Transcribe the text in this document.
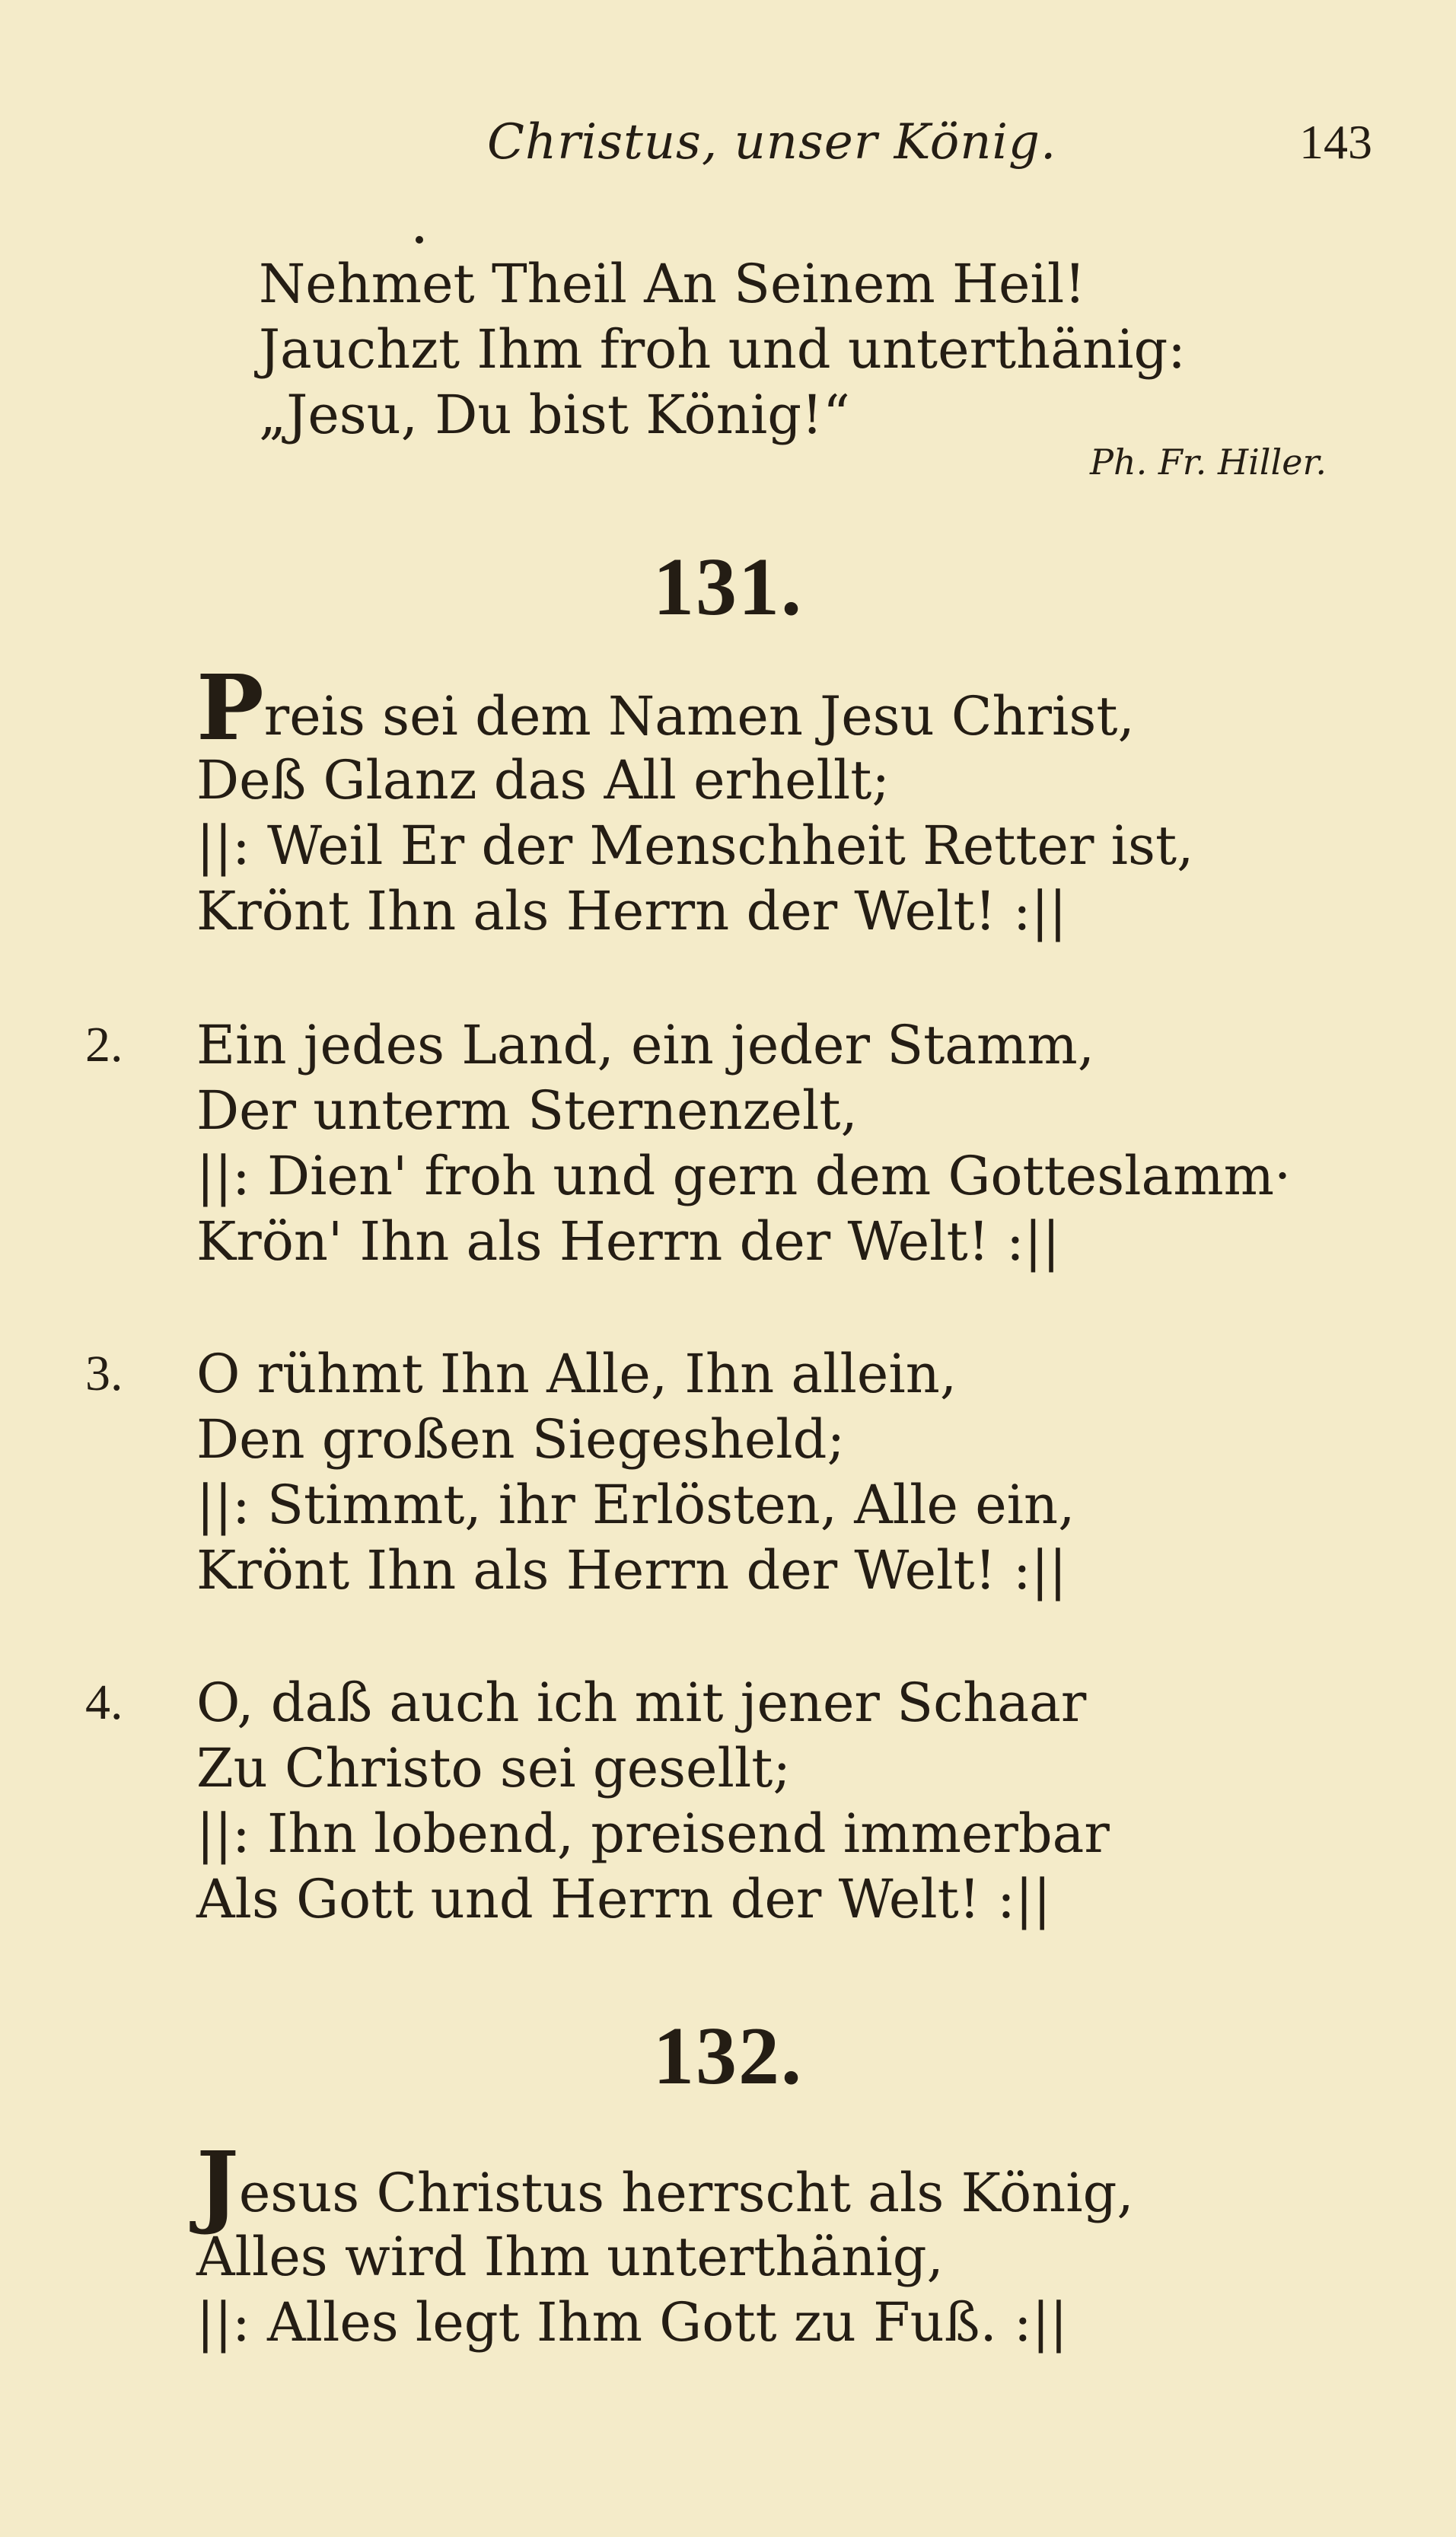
Christus, unser König.	143
Nehmet Theil An Seinem Heil!
Jauchzt Ihm froh und unterthänig:
„Jesu, Du bist König!“
Ph. Fr. Hiller.
131.
Preis sei dem Namen Jesu Christ,
Deß Glanz das All erhellt;
||: Weil Er der Menschheit Retter ist,
Krönt Ihn als Herrn der Welt! :||
2. Ein jedes Land, ein jeder Stamm,
Der unterm Sternenzelt,
||: Dien' froh und gern dem Gotteslamm·
Krön' Ihn als Herrn der Welt! :||
3. O rühmt Ihn Alle, Ihn allein,
Den großen Siegesheld;
||: Stimmt, ihr Erlösten, Alle ein,
Krönt Ihn als Herrn der Welt! :||
4. O, daß auch ich mit jener Schaar
Zu Christo sei gesellt;
||: Ihn lobend, preisend immerbar
Als Gott und Herrn der Welt! :||
132.
Jesus Christus herrscht als König,
Alles wird Ihm unterthänig,
||: Alles legt Ihm Gott zu Fuß. :||
